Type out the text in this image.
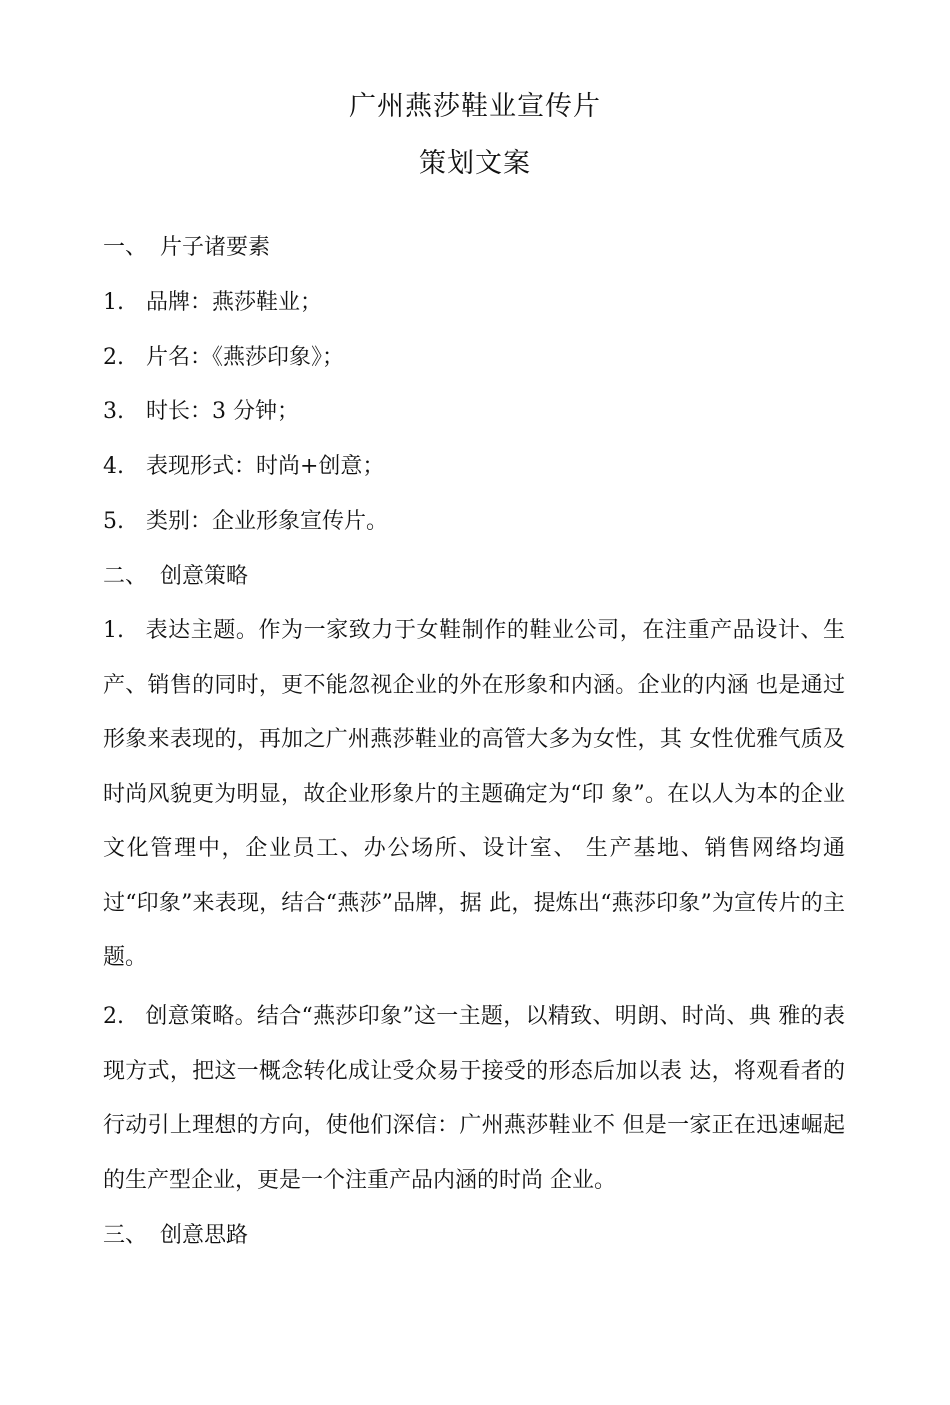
广州燕莎鞋业宣传片
策划文案
一、 片子诸要素
1. 品牌：燕莎鞋业；
2. 片名：《燕莎印象》；
3. 时长：3 分钟；
4. 表现形式：时尚+创意；
5. 类别：企业形象宣传片。
二、 创意策略
1. 表达主题。作为一家致力于女鞋制作的鞋业公司，在注重产品设计、生产、销售的同时，更不能忽视企业的外在形象和内涵。企业的内涵 也是通过形象来表现的，再加之广州燕莎鞋业的高管大多为女性，其 女性优雅气质及时尚风貌更为明显，故企业形象片的主题确定为“印 象”。在以人为本的企业文化管理中，企业员工、办公场所、设计室、 生产基地、销售网络均通过“印象”来表现，结合“燕莎”品牌，据 此，提炼出“燕莎印象”为宣传片的主题。
2. 创意策略。结合“燕莎印象”这一主题，以精致、明朗、时尚、典 雅的表现方式，把这一概念转化成让受众易于接受的形态后加以表 达，将观看者的行动引上理想的方向，使他们深信：广州燕莎鞋业不 但是一家正在迅速崛起的生产型企业，更是一个注重产品内涵的时尚 企业。
三、 创意思路
